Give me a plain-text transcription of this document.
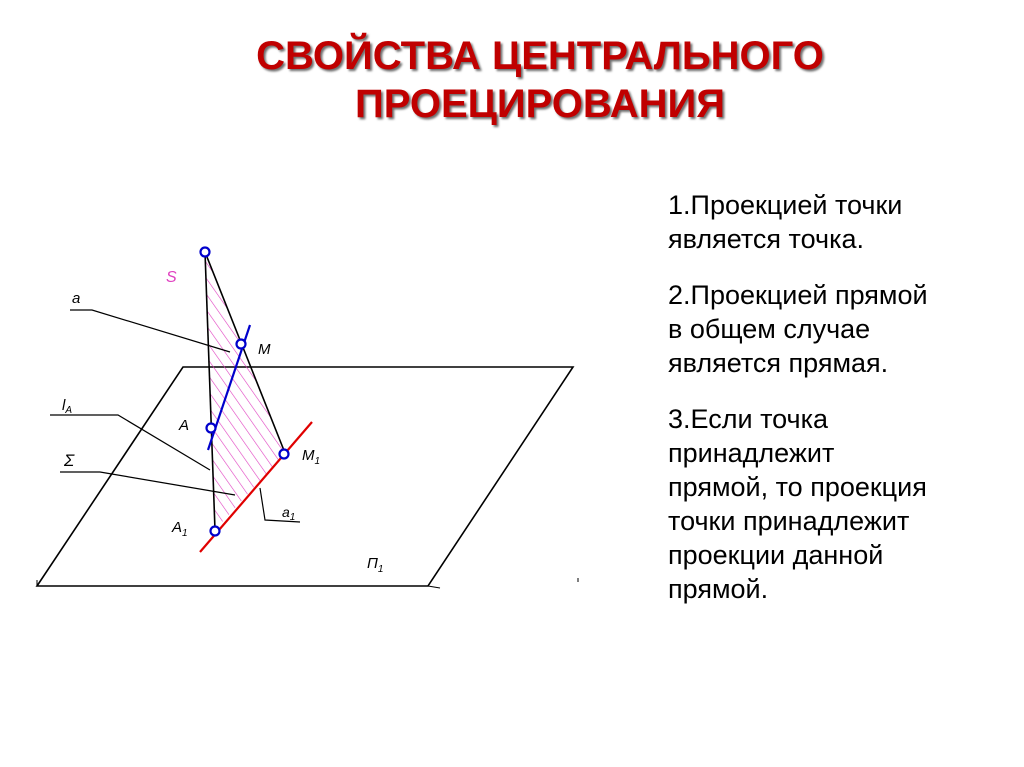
СВОЙСТВА ЦЕНТРАЛЬНОГО
ПРОЕЦИРОВАНИЯ
S
M
A
$M_1$
$A_1$
a
$a_1$
$l_A$
Σ
$П_1$
1.Проекцией точки
является точка.
2.Проекцией прямой
в общем случае
является прямая.
3.Если точка
принадлежит
прямой, то проекция
точки принадлежит
проекции данной
прямой.
